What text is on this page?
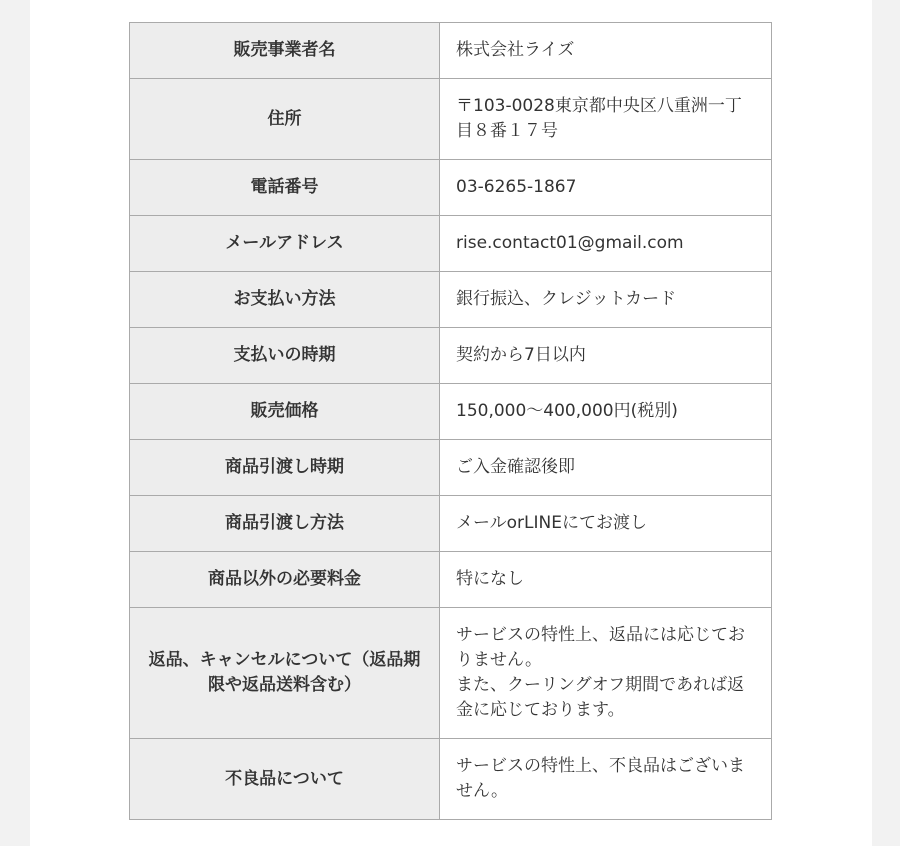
販売事業者名	株式会社ライズ
住所	〒103-0028東京都中央区八重洲一丁目８番１７号
電話番号	03-6265-1867
メールアドレス	rise.contact01@gmail.com
お支払い方法	銀行振込、クレジットカード
支払いの時期	契約から7日以内
販売価格	150,000～400,000円(税別)
商品引渡し時期	ご入金確認後即
商品引渡し方法	メールorLINEにてお渡し
商品以外の必要料金	特になし
返品、キャンセルについて（返品期限や返品送料含む）	サービスの特性上、返品には応じておりません。
また、クーリングオフ期間であれば返金に応じております。
不良品について	サービスの特性上、不良品はございません。
